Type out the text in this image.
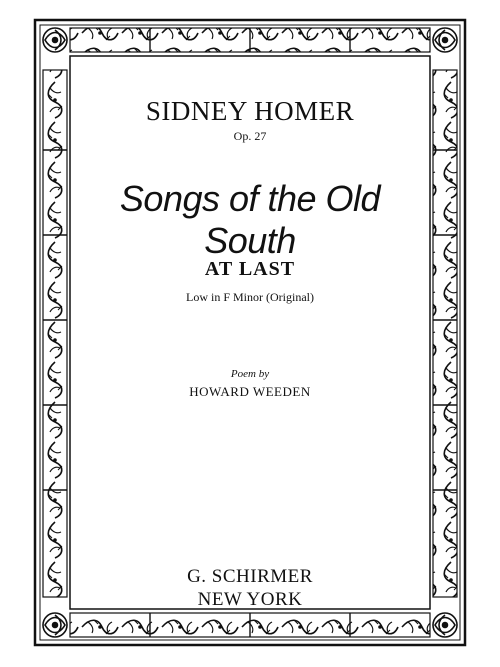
SIDNEY HOMER
Op. 27
Songs of the Old South
AT LAST
Low in F Minor (Original)
Poem by
HOWARD WEEDEN
G. SCHIRMER
NEW YORK
